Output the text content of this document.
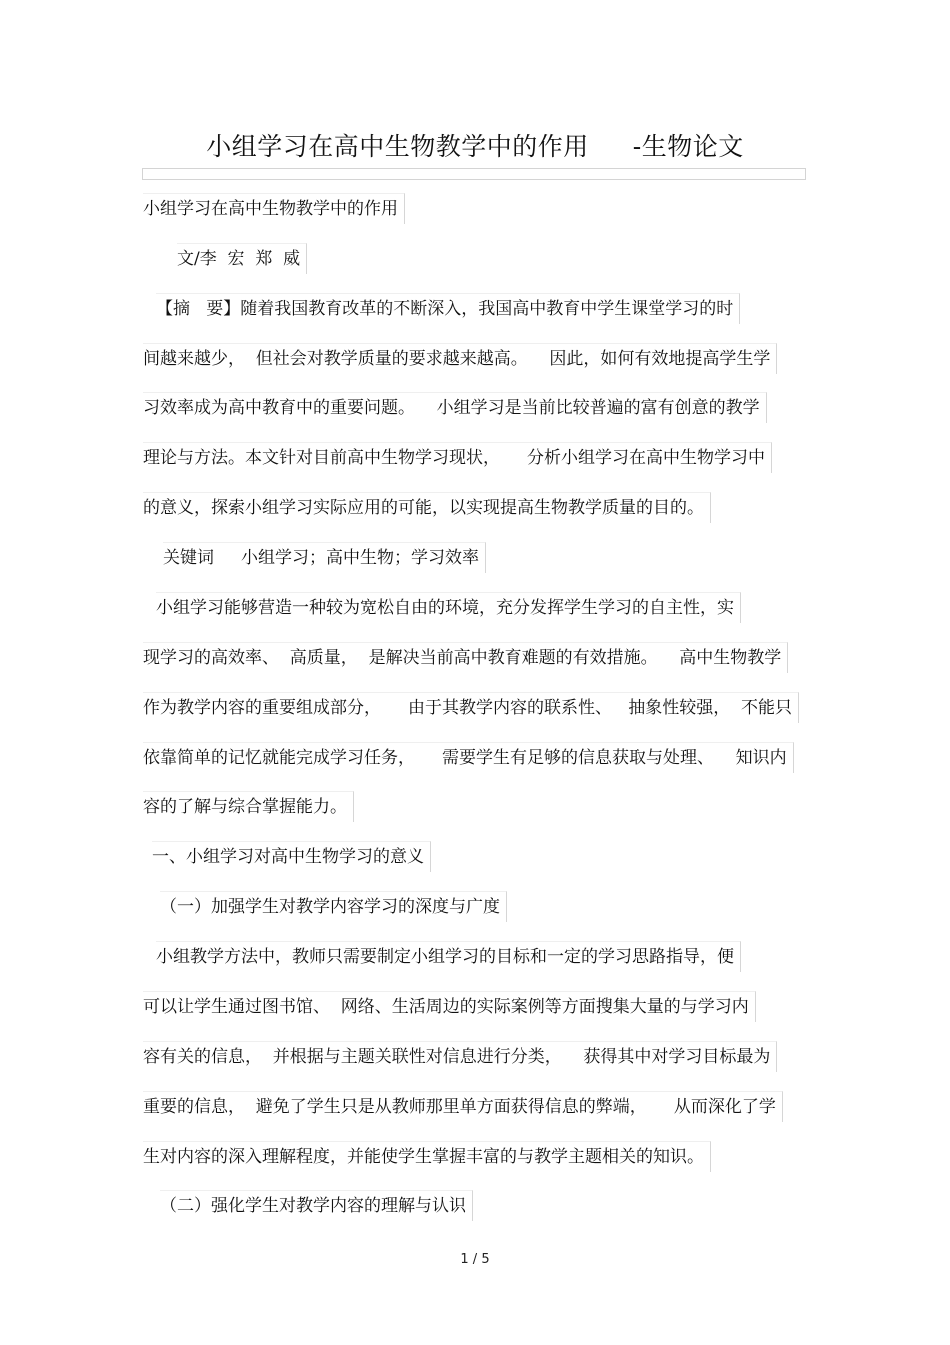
小组学习在高中生物教学中的作用 -生物论文
小组学习在高中生物教学中的作用
文/李  宏  郑  威
【摘   要】随着我国教育改革的不断深入，我国高中教育中学生课堂学习的时
间越来越少，  但社会对教学质量的要求越来越高。    因此，如何有效地提高学生学
习效率成为高中教育中的重要问题。    小组学习是当前比较普遍的富有创意的教学
理论与方法。本文针对目前高中生物学习现状，     分析小组学习在高中生物学习中
的意义，探索小组学习实际应用的可能，以实现提高生物教学质量的目的。
关键词     小组学习；高中生物；学习效率
小组学习能够营造一种较为宽松自由的环境，充分发挥学生学习的自主性，实
现学习的高效率、  高质量，  是解决当前高中教育难题的有效措施。    高中生物教学
作为教学内容的重要组成部分，     由于其教学内容的联系性、   抽象性较强，  不能只
依靠简单的记忆就能完成学习任务，     需要学生有足够的信息获取与处理、    知识内
容的了解与综合掌握能力。
一、小组学习对高中生物学习的意义
（一）加强学生对教学内容学习的深度与广度
小组教学方法中，教师只需要制定小组学习的目标和一定的学习思路指导，便
可以让学生通过图书馆、  网络、生活周边的实际案例等方面搜集大量的与学习内
容有关的信息，  并根据与主题关联性对信息进行分类，    获得其中对学习目标最为
重要的信息，  避免了学生只是从教师那里单方面获得信息的弊端，     从而深化了学
生对内容的深入理解程度，并能使学生掌握丰富的与教学主题相关的知识。
（二）强化学生对教学内容的理解与认识
1 / 5
